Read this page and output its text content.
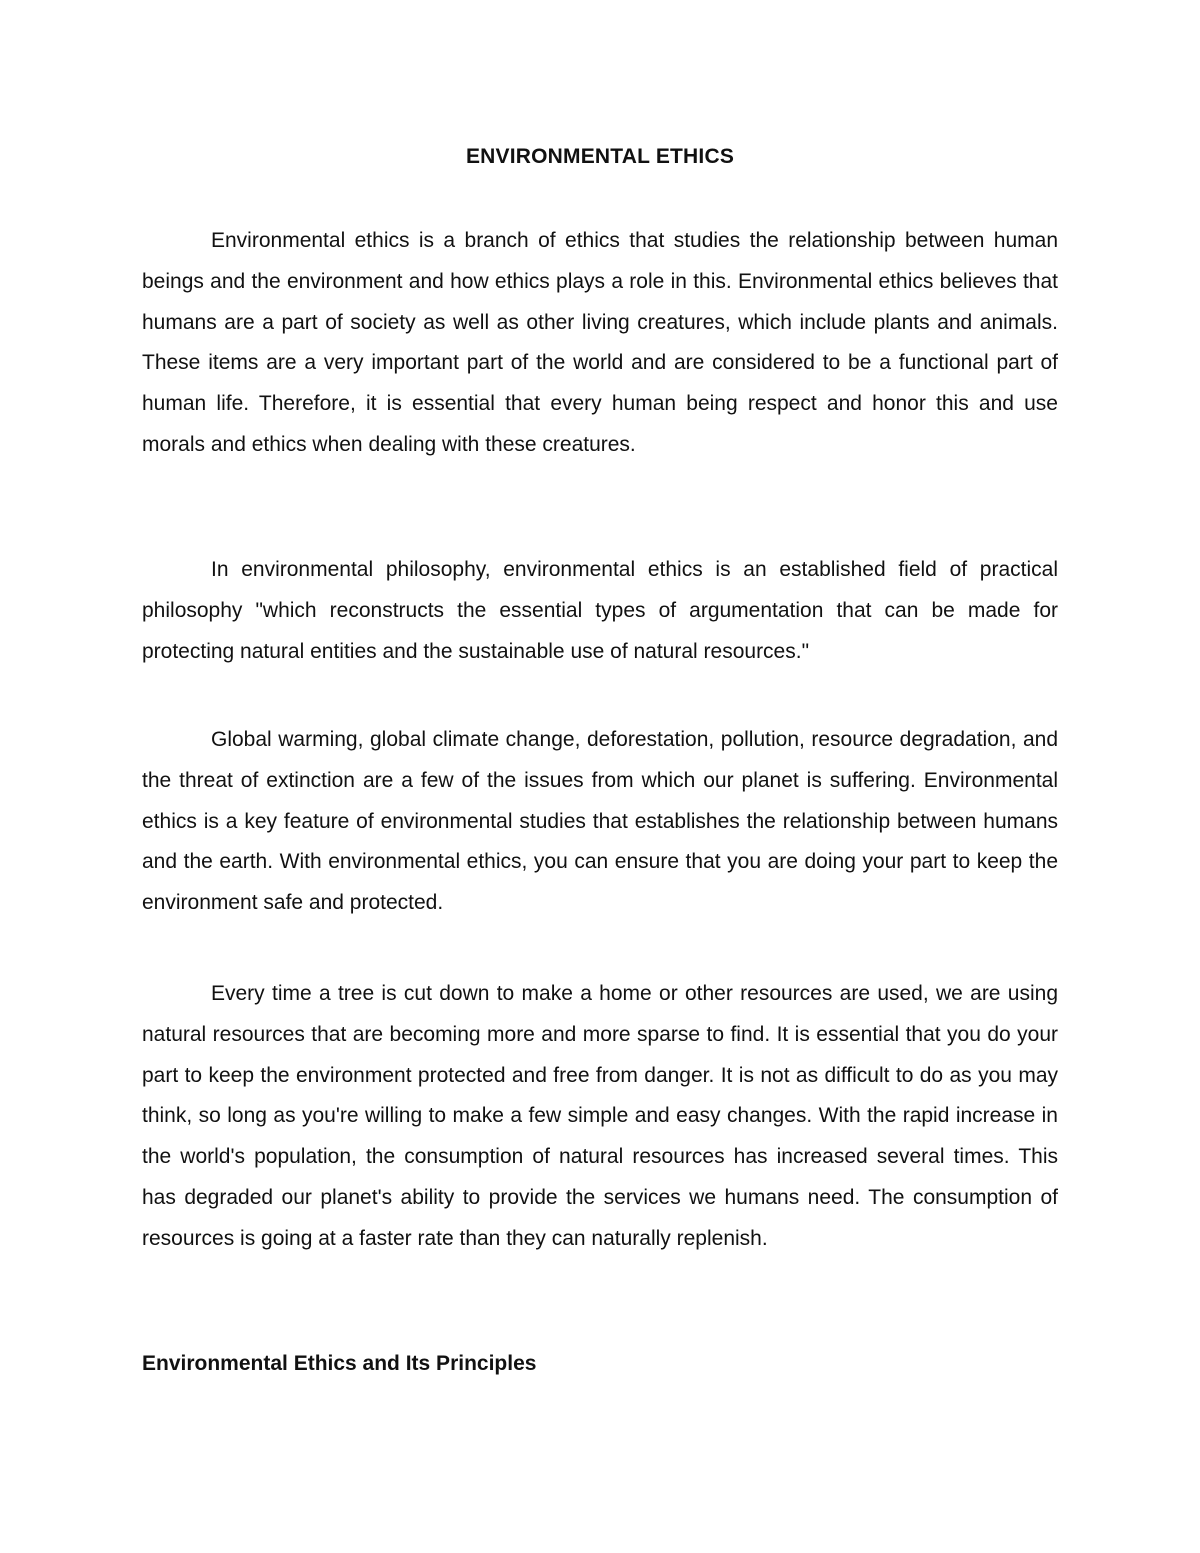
ENVIRONMENTAL ETHICS

Environmental ethics is a branch of ethics that studies the relationship between human beings and the environment and how ethics plays a role in this. Environmental ethics believes that humans are a part of society as well as other living creatures, which include plants and animals. These items are a very important part of the world and are considered to be a functional part of human life. Therefore, it is essential that every human being respect and honor this and use morals and ethics when dealing with these creatures.

In environmental philosophy, environmental ethics is an established field of practical philosophy "which reconstructs the essential types of argumentation that can be made for protecting natural entities and the sustainable use of natural resources."

Global warming, global climate change, deforestation, pollution, resource degradation, and the threat of extinction are a few of the issues from which our planet is suffering. Environmental ethics is a key feature of environmental studies that establishes the relationship between humans and the earth. With environmental ethics, you can ensure that you are doing your part to keep the environment safe and protected.

Every time a tree is cut down to make a home or other resources are used, we are using natural resources that are becoming more and more sparse to find. It is essential that you do your part to keep the environment protected and free from danger. It is not as difficult to do as you may think, so long as you're willing to make a few simple and easy changes. With the rapid increase in the world's population, the consumption of natural resources has increased several times. This has degraded our planet's ability to provide the services we humans need. The consumption of resources is going at a faster rate than they can naturally replenish.

Environmental Ethics and Its Principles
